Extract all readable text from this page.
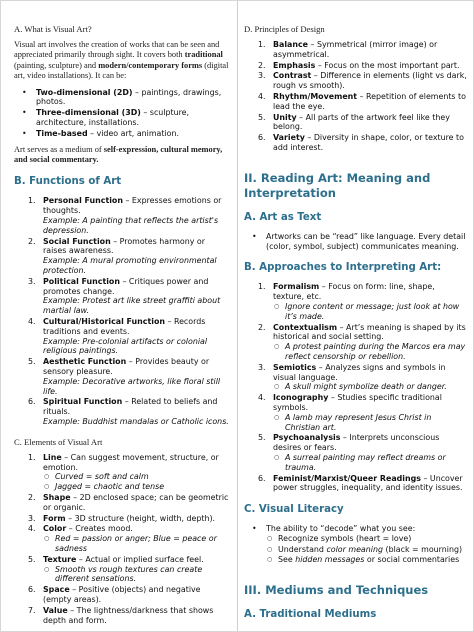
A. What is Visual Art?

Visual art involves the creation of works that can be seen and appreciated primarily through sight. It covers both traditional (painting, sculpture) and modern/contemporary forms (digital art, video installations). It can be:

• Two-dimensional (2D) – paintings, drawings, photos.
• Three-dimensional (3D) – sculpture, architecture, installations.
• Time-based – video art, animation.

Art serves as a medium of self-expression, cultural memory, and social commentary.

B. Functions of Art
1. Personal Function – Expresses emotions or thoughts.
Example: A painting that reflects the artist's depression.
2. Social Function – Promotes harmony or raises awareness.
Example: A mural promoting environmental protection.
3. Political Function – Critiques power and promotes change.
Example: Protest art like street graffiti about martial law.
4. Cultural/Historical Function – Records traditions and events.
Example: Pre-colonial artifacts or colonial religious paintings.
5. Aesthetic Function – Provides beauty or sensory pleasure.
Example: Decorative artworks, like floral still life.
6. Spiritual Function – Related to beliefs and rituals.
Example: Buddhist mandalas or Catholic icons.

C. Elements of Visual Art

1. Line – Can suggest movement, structure, or emotion.
○ Curved = soft and calm
○ Jagged = chaotic and tense
2. Shape – 2D enclosed space; can be geometric or organic.
3. Form – 3D structure (height, width, depth).
4. Color – Creates mood.
○ Red = passion or anger; Blue = peace or sadness
5. Texture – Actual or implied surface feel.
○ Smooth vs rough textures can create different sensations.
6. Space – Positive (objects) and negative (empty areas).
7. Value – The lightness/darkness that shows depth and form.

D. Principles of Design

1. Balance – Symmetrical (mirror image) or asymmetrical.
2. Emphasis – Focus on the most important part.
3. Contrast – Difference in elements (light vs dark, rough vs smooth).
4. Rhythm/Movement – Repetition of elements to lead the eye.
5. Unity – All parts of the artwork feel like they belong.
6. Variety – Diversity in shape, color, or texture to add interest.
II. Reading Art: Meaning and Interpretation
A. Art as Text
• Artworks can be “read” like language. Every detail (color, symbol, subject) communicates meaning.
B. Approaches to Interpreting Art:
1. Formalism – Focus on form: line, shape, texture, etc.
○ Ignore content or message; just look at how it’s made.
2. Contextualism – Art’s meaning is shaped by its historical and social setting.
○ A protest painting during the Marcos era may reflect censorship or rebellion.
3. Semiotics – Analyzes signs and symbols in visual language.
○ A skull might symbolize death or danger.
4. Iconography – Studies specific traditional symbols.
○ A lamb may represent Jesus Christ in Christian art.
5. Psychoanalysis – Interprets unconscious desires or fears.
○ A surreal painting may reflect dreams or trauma.
6. Feminist/Marxist/Queer Readings – Uncover power struggles, inequality, and identity issues.
C. Visual Literacy
• The ability to “decode” what you see:
○ Recognize symbols (heart = love)
○ Understand color meaning (black = mourning)
○ See hidden messages or social commentaries
III. Mediums and Techniques
A. Traditional Mediums
